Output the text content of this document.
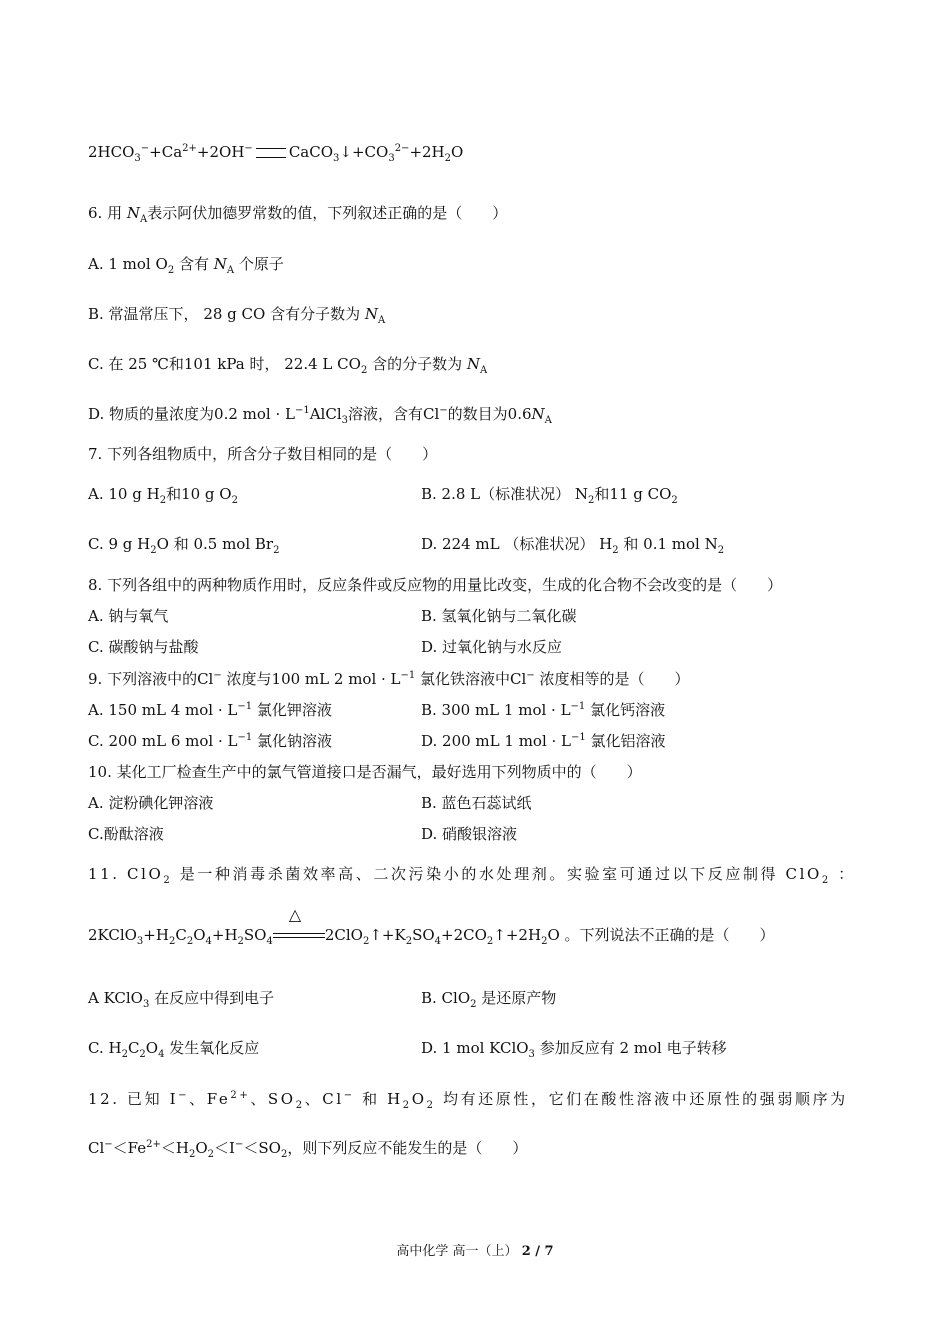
$2HCO_3^-+Ca^{2+}+2OH^-$ $CaCO_3↓+CO_3^{2-}+2H_2O$
6. 用 $N_A$表示阿伏加德罗常数的值，下列叙述正确的是（　　）
A. 1 mol $O_2$ 含有 $N_A$ 个原子
B. 常温常压下， 28 g CO 含有分子数为 $N_A$
C. 在 25 ℃和101 kPa 时， 22.4 L $CO_2$ 含的分子数为 $N_A$
D. 物质的量浓度为0.2 mol · $L^{-1}AlCl_3$溶液，含有Cl−的数目为$0.6N_A$
7. 下列各组物质中，所含分子数目相同的是（　　）
A. 10 g $H_2$和10 g $O_2$	B. 2.8 L（标准状况） $N_2$和11 g $CO_2$
C. 9 g $H_2O$ 和 0.5 mol $Br_2$	D. 224 mL （标准状况） $H_2$ 和 0.1 mol $N_2$
8. 下列各组中的两种物质作用时，反应条件或反应物的用量比改变，生成的化合物不会改变的是（　　）
A. 钠与氧气	B. 氢氧化钠与二氧化碳
C. 碳酸钠与盐酸	D. 过氧化钠与水反应
9. 下列溶液中的Cl− 浓度与100 mL 2 mol · $L^{-1}$ 氯化铁溶液中Cl− 浓度相等的是（　　）
A. 150 mL 4 mol · $L^{-1}$ 氯化钾溶液	B. 300 mL 1 mol · $L^{-1}$ 氯化钙溶液
C. 200 mL 6 mol · $L^{-1}$ 氯化钠溶液	D. 200 mL 1 mol · $L^{-1}$ 氯化铝溶液
10. 某化工厂检查生产中的氯气管道接口是否漏气，最好选用下列物质中的（　　）
A. 淀粉碘化钾溶液	B. 蓝色石蕊试纸
C.酚酞溶液	D. 硝酸银溶液
11. ClO$_2$ 是一种消毒杀菌效率高、二次污染小的水处理剂。实验室可通过以下反应制得 ClO$_2$ ：
$2KClO_3+H_2C_2O_4+H_2SO_4$
△
$2ClO_2↑+K_2SO_4+2CO_2↑+2H_2O$ 。下列说法不正确的是（　　）
A KClO$_3$ 在反应中得到电子	B. ClO$_2$ 是还原产物
C. $H_2C_2O_4$ 发生氧化反应	D. 1 mol KClO$_3$ 参加反应有 2 mol 电子转移
12. 已知 I−、$Fe^{2+}$、$SO_2$、Cl− 和 $H_2O_2$ 均有还原性，它们在酸性溶液中还原性的强弱顺序为
$Cl^-<Fe^{2+}<H_2O_2<I^-<SO_2$，则下列反应不能发生的是（　　）
高中化学 高一（上） 2 / 7
